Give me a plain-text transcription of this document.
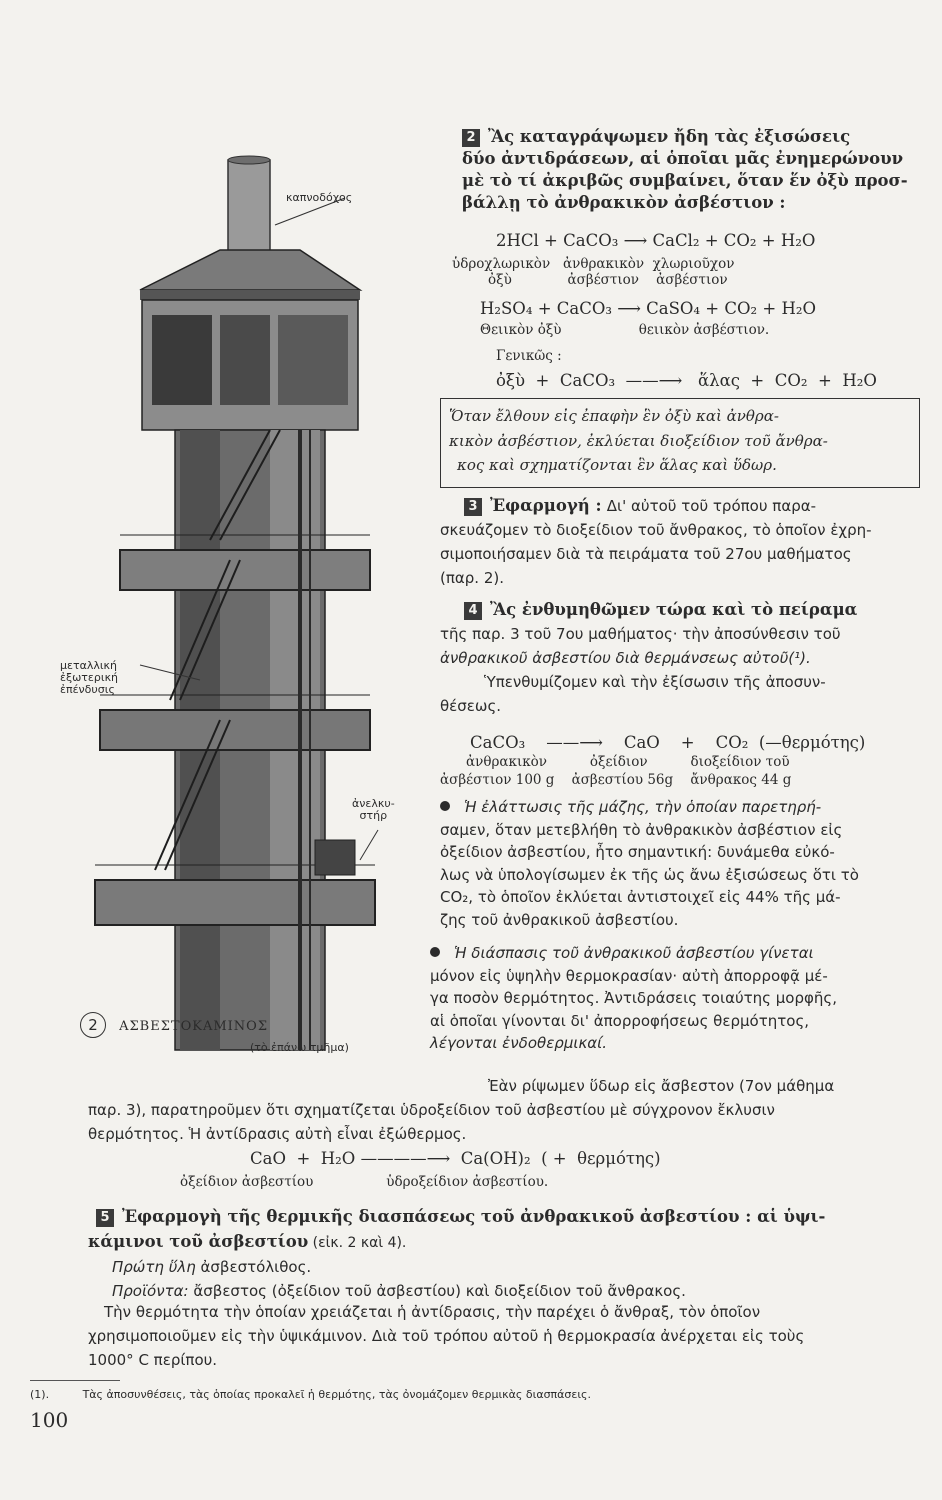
καπνοδόχος
μεταλλική
ἐξωτερική
ἐπένδυσις
ἀνελκυ-
στήρ
2 ΑΣΒΕΣΤΟΚΑΜΙΝΟΣ
(τὸ ἐπάνω τμῆμα)
2 Ἂς καταγράψωμεν ἤδη τὰς ἐξισώσεις
δύο ἀντιδράσεων, αἱ ὁποῖαι μᾶς ἐνημερώνουν
μὲ τὸ τί ἀκριβῶς συμβαίνει, ὅταν ἕν ὀξὺ προσ-
βάλλῃ τὸ ἀνθρακικὸν ἀσβέστιον :
2HCl + CaCO₃ ⟶ CaCl₂ + CO₂ + H₂O
ὑδροχλωρικὸν   ἀνθρακικὸν  χλωριοῦχον
ὀξὺ             ἀσβέστιον    ἀσβέστιον
H₂SO₄ + CaCO₃ ⟶ CaSO₄ + CO₂ + H₂O
Θειικὸν ὀξὺ                  θειικὸν ἀσβέστιον.
Γενικῶς :
ὀξὺ  +  CaCO₃  ——⟶   ἅλας  +  CO₂  +  H₂O
Ὅταν ἔλθουν εἰς ἐπαφὴν ἓν ὀξὺ καὶ ἀνθρα-
κικὸν ἀσβέστιον, ἐκλύεται διοξείδιον τοῦ ἄνθρα-
κος καὶ σχηματίζονται ἓν ἅλας καὶ ὕδωρ.
3 Ἐφαρμογή : Δι' αὐτοῦ τοῦ τρόπου παρα-
σκευάζομεν τὸ διοξείδιον τοῦ ἄνθρακος, τὸ ὁποῖον ἐχρη-
σιμοποιήσαμεν διὰ τὰ πειράματα τοῦ 27ου μαθήματος
(παρ. 2).
4 Ἂς ἐνθυμηθῶμεν τώρα καὶ τὸ πείραμα
τῆς παρ. 3 τοῦ 7ου μαθήματος· τὴν ἀποσύνθεσιν τοῦ
ἀνθρακικοῦ ἀσβεστίου διὰ θερμάνσεως αὐτοῦ(¹).
Ὑπενθυμίζομεν καὶ τὴν ἐξίσωσιν τῆς ἀποσυν-
θέσεως.
CaCO₃    ——⟶    CaO    +    CO₂  (—θερμότης)
ἀνθρακικὸν          ὀξείδιον          διοξείδιον τοῦ
ἀσβέστιον 100 g    ἀσβεστίου 56g    ἄνθρακος 44 g
Ἡ ἐλάττωσις τῆς μάζης, τὴν ὁποίαν παρετηρή-
σαμεν, ὅταν μετεβλήθη τὸ ἀνθρακικὸν ἀσβέστιον εἰς
ὀξείδιον ἀσβεστίου, ἦτο σημαντική: δυνάμεθα εὐκό-
λως νὰ ὑπολογίσωμεν ἐκ τῆς ὡς ἄνω ἐξισώσεως ὅτι τὸ
CO₂, τὸ ὁποῖον ἐκλύεται ἀντιστοιχεῖ εἰς 44% τῆς μά-
ζης τοῦ ἀνθρακικοῦ ἀσβεστίου.
Ἡ διάσπασις τοῦ ἀνθρακικοῦ ἀσβεστίου γίνεται
μόνον εἰς ὑψηλὴν θερμοκρασίαν· αὐτὴ ἀπορροφᾷ μέ-
γα ποσὸν θερμότητος. Ἀντιδράσεις τοιαύτης μορφῆς,
αἱ ὁποῖαι γίνονται δι' ἀπορροφήσεως θερμότητος,
λέγονται ἐνδοθερμικαί.
Ἐὰν ρίψωμεν ὕδωρ εἰς ἄσβεστον (7ον μάθημα
παρ. 3), παρατηροῦμεν ὅτι σχηματίζεται ὑδροξείδιον τοῦ ἀσβεστίου μὲ σύγχρονον ἔκλυσιν
θερμότητος. Ἡ ἀντίδρασις αὐτὴ εἶναι ἐξώθερμος.
CaO  +  H₂O ————⟶  Ca(OH)₂  ( +  θερμότης)
ὀξείδιον ἀσβεστίου                 ὑδροξείδιον ἀσβεστίου.
5 Ἐφαρμογὴ τῆς θερμικῆς διασπάσεως τοῦ ἀνθρακικοῦ ἀσβεστίου : αἱ ὑψι-
κάμινοι τοῦ ἀσβεστίου (εἰκ. 2 καὶ 4).
Πρώτη ὕλη ἀσβεστόλιθος.
Προϊόντα: ἄσβεστος (ὀξείδιον τοῦ ἀσβεστίου) καὶ διοξείδιον τοῦ ἄνθρακος.
Τὴν θερμότητα τὴν ὁποίαν χρειάζεται ἡ ἀντίδρασις, τὴν παρέχει ὁ ἄνθραξ, τὸν ὁποῖον
χρησιμοποιοῦμεν εἰς τὴν ὑψικάμινον. Διὰ τοῦ τρόπου αὐτοῦ ἡ θερμοκρασία ἀνέρχεται εἰς τοὺς
1000° C περίπου.
(1).	Τὰς ἀποσυνθέσεις, τὰς ὁποίας προκαλεῖ ἡ θερμότης, τὰς ὀνομάζομεν θερμικὰς διασπάσεις.
100
